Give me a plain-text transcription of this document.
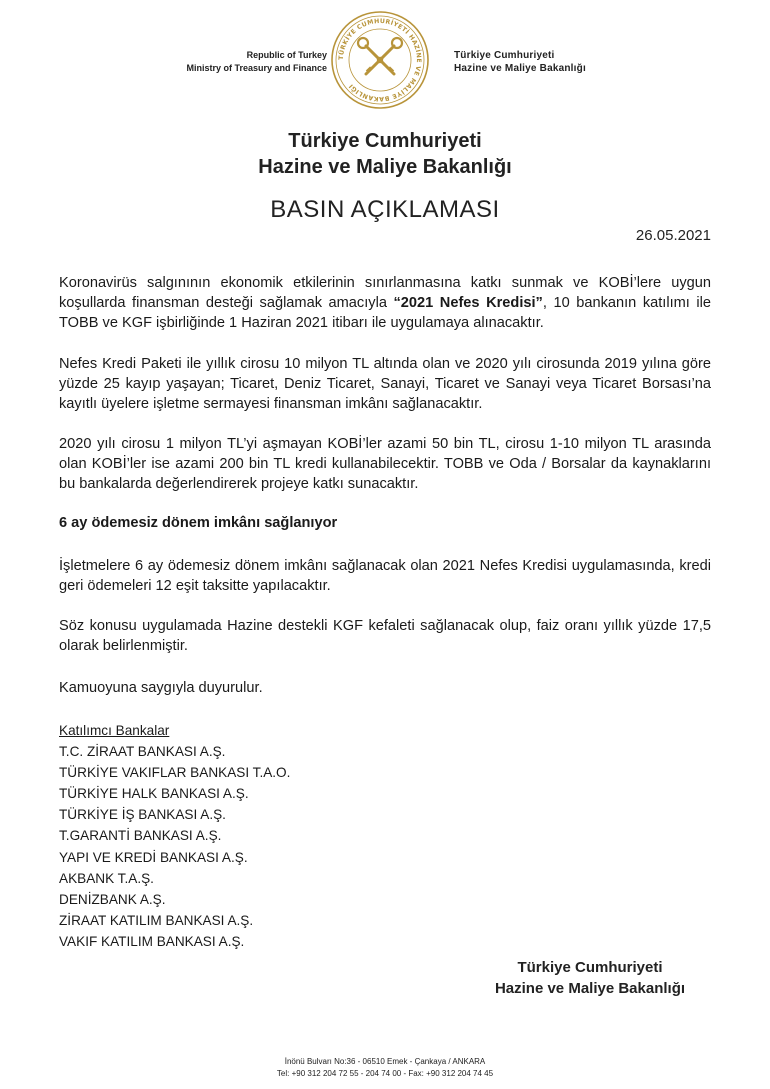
Republic of Turkey
Ministry of Treasury and Finance
TÜRKİYE CUMHURİYETİ HAZİNE VE MALİYE BAKANLIĞI
Türkiye Cumhuriyeti
Hazine ve Maliye Bakanlığı
Türkiye Cumhuriyeti
Hazine ve Maliye Bakanlığı
BASIN AÇIKLAMASI
26.05.2021
Koronavirüs salgınının ekonomik etkilerinin sınırlanmasına katkı sunmak ve KOBİ’lere uygun koşullarda finansman desteği sağlamak amacıyla “2021 Nefes Kredisi”, 10 bankanın katılımı ile TOBB ve KGF işbirliğinde 1 Haziran 2021 itibarı ile uygulamaya alınacaktır.
Nefes Kredi Paketi ile yıllık cirosu 10 milyon TL altında olan ve 2020 yılı cirosunda 2019 yılına göre yüzde 25 kayıp yaşayan; Ticaret, Deniz Ticaret, Sanayi, Ticaret ve Sanayi veya Ticaret Borsası’na kayıtlı üyelere işletme sermayesi finansman imkânı sağlanacaktır.
2020 yılı cirosu 1 milyon TL’yi aşmayan KOBİ’ler azami 50 bin TL, cirosu 1-10 milyon TL arasında olan KOBİ’ler ise azami 200 bin TL kredi kullanabilecektir. TOBB ve Oda / Borsalar da kaynaklarını bu bankalarda değerlendirerek projeye katkı sunacaktır.
6 ay ödemesiz dönem imkânı sağlanıyor
İşletmelere 6 ay ödemesiz dönem imkânı sağlanacak olan 2021 Nefes Kredisi uygulamasında, kredi geri ödemeleri 12 eşit taksitte yapılacaktır.
Söz konusu uygulamada Hazine destekli KGF kefaleti sağlanacak olup, faiz oranı yıllık yüzde 17,5 olarak belirlenmiştir.
Kamuoyuna saygıyla duyurulur.
Katılımcı Bankalar
T.C. ZİRAAT BANKASI A.Ş.
TÜRKİYE VAKIFLAR BANKASI T.A.O.
TÜRKİYE HALK BANKASI A.Ş.
TÜRKİYE İŞ BANKASI A.Ş.
T.GARANTİ BANKASI A.Ş.
YAPI VE KREDİ BANKASI A.Ş.
AKBANK T.A.Ş.
DENİZBANK A.Ş.
ZİRAAT KATILIM BANKASI A.Ş.
VAKIF KATILIM BANKASI A.Ş.
Türkiye Cumhuriyeti
Hazine ve Maliye Bakanlığı
İnönü Bulvarı No:36 - 06510 Emek - Çankaya / ANKARA
Tel: +90 312 204 72 55 - 204 74 00 - Fax: +90 312 204 74 45
